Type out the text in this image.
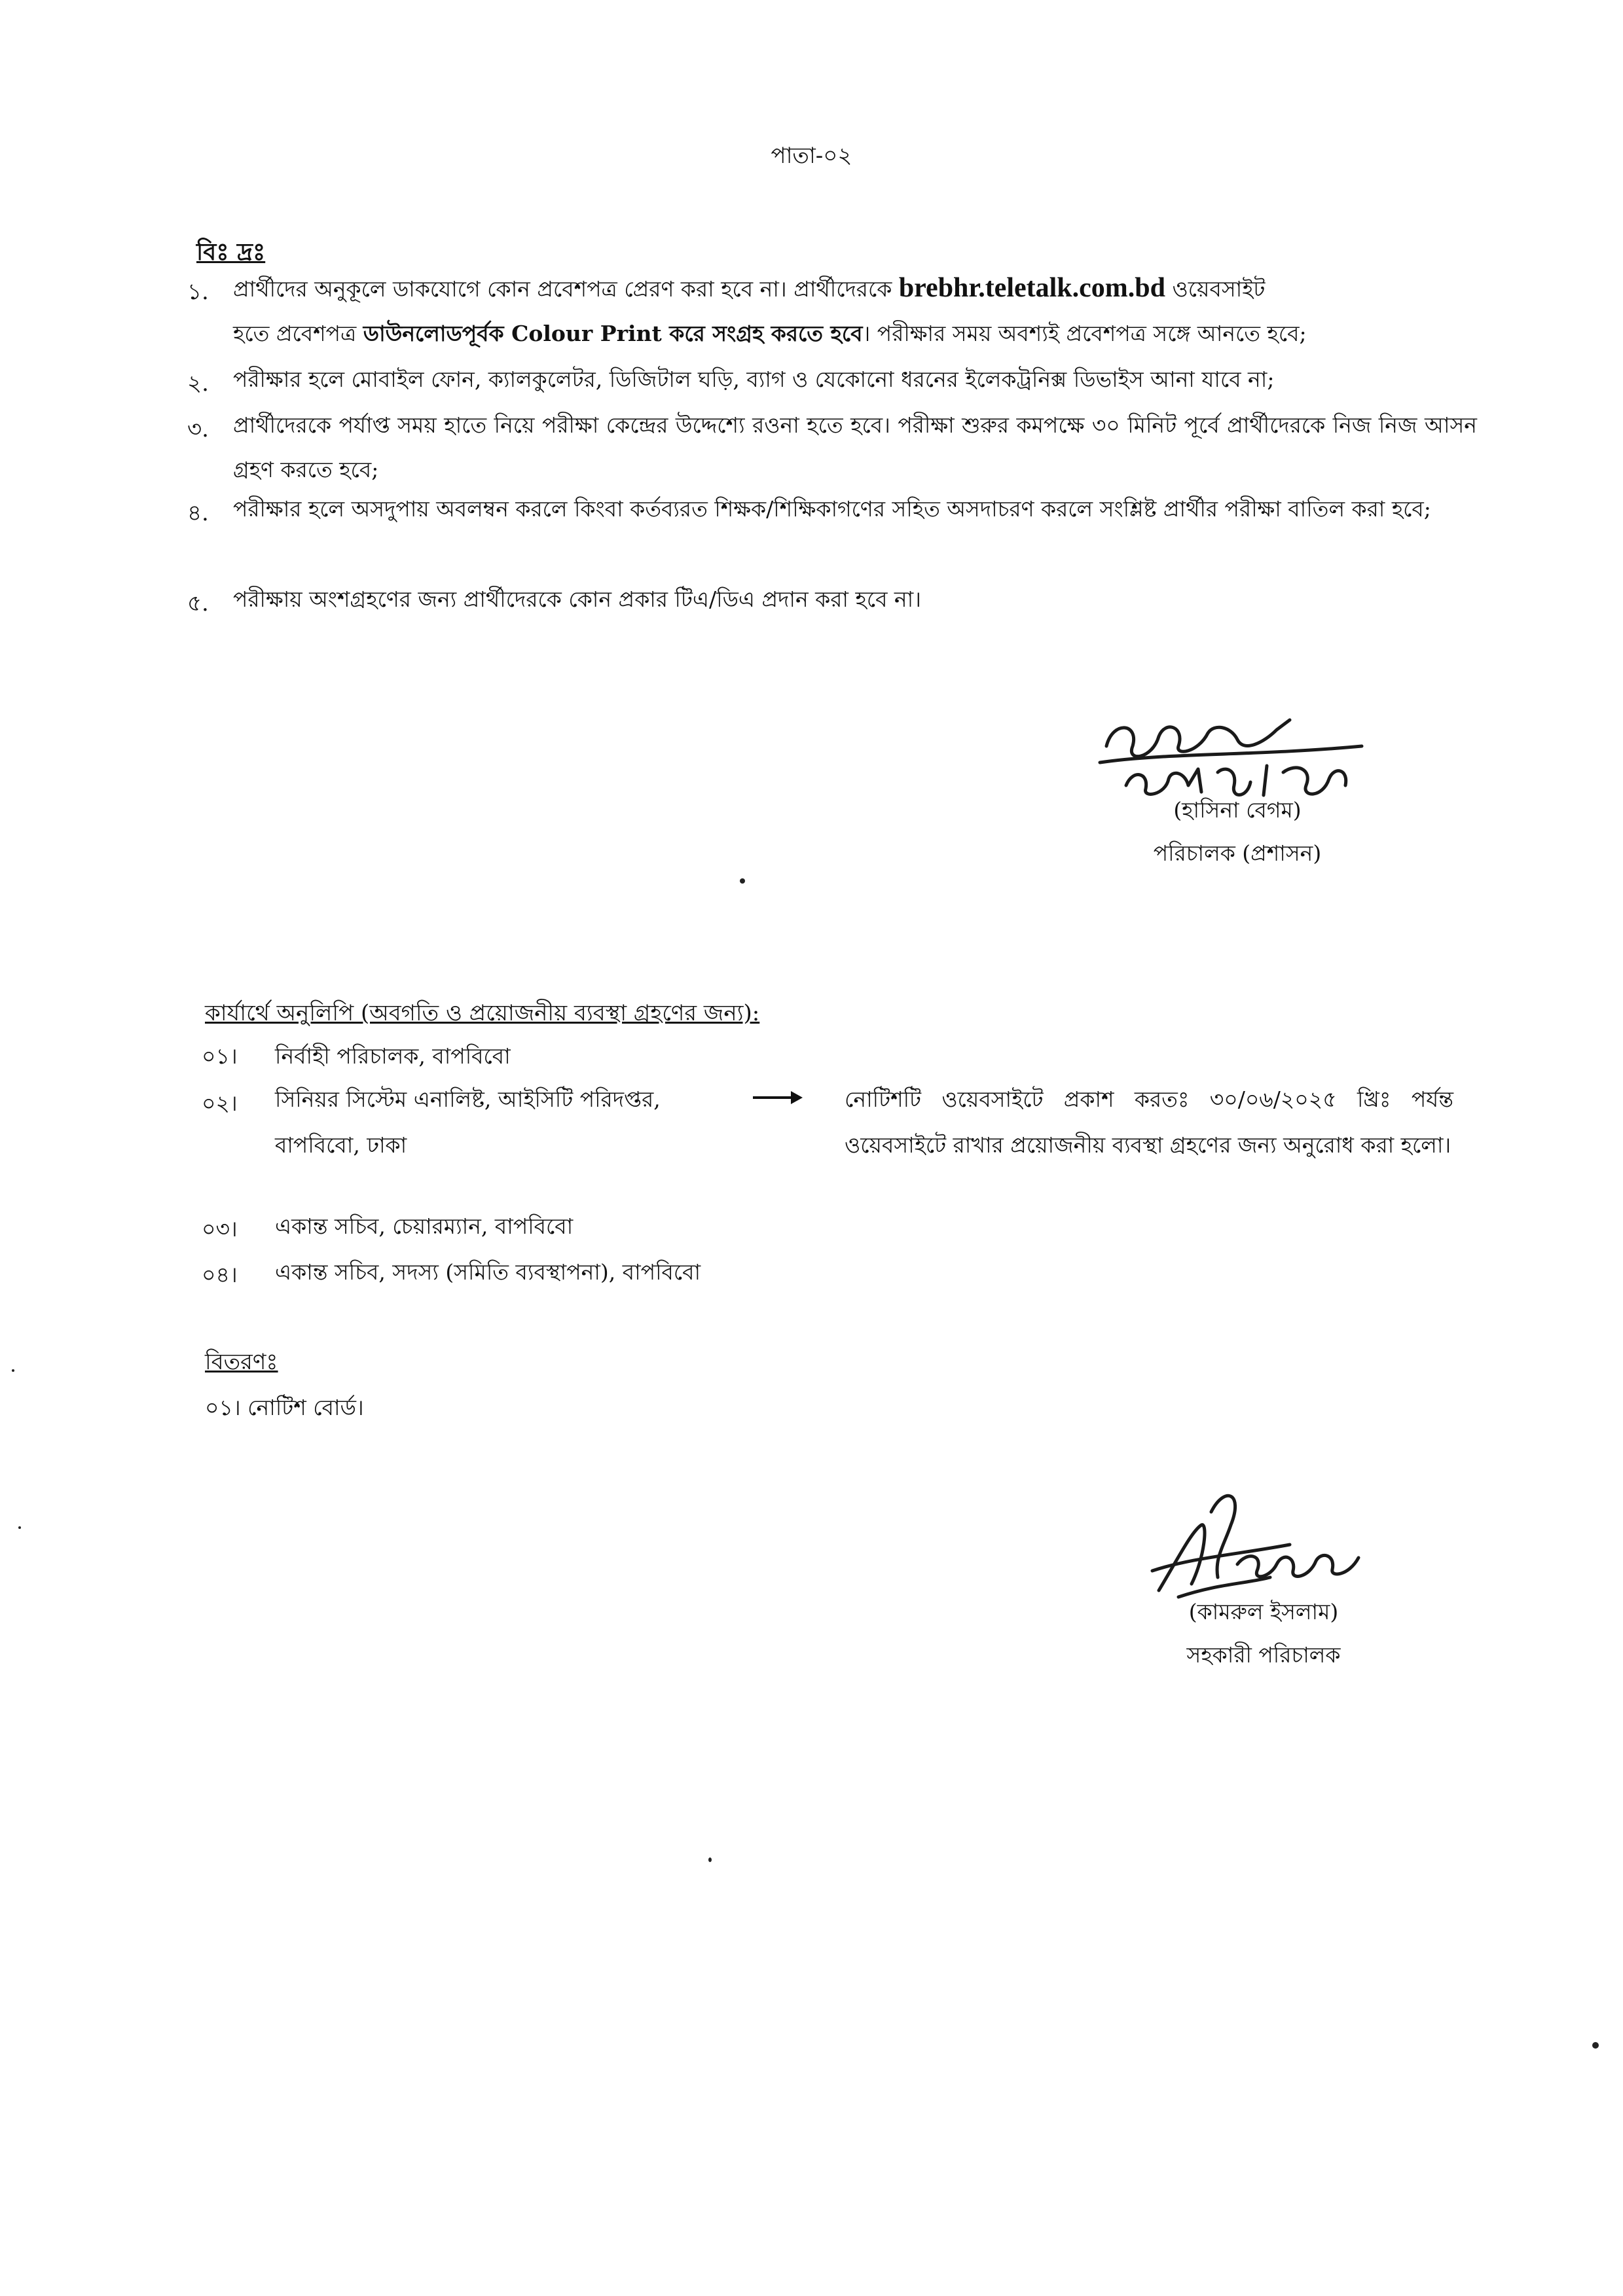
পাতা-০২
বিঃ দ্রঃ
১.	প্রার্থীদের অনুকূলে ডাকযোগে কোন প্রবেশপত্র প্রেরণ করা হবে না। প্রার্থীদেরকে brebhr.teletalk.com.bd ওয়েবসাইট
হতে প্রবেশপত্র ডাউনলোডপূর্বক Colour Print করে সংগ্রহ করতে হবে। পরীক্ষার সময় অবশ্যই প্রবেশপত্র সঙ্গে আনতে হবে;
২.	পরীক্ষার হলে মোবাইল ফোন, ক্যালকুলেটর, ডিজিটাল ঘড়ি, ব্যাগ ও যেকোনো ধরনের ইলেকট্রনিক্স ডিভাইস আনা যাবে না;
৩.	প্রার্থীদেরকে পর্যাপ্ত সময় হাতে নিয়ে পরীক্ষা কেন্দ্রের উদ্দেশ্যে রওনা হতে হবে। পরীক্ষা শুরুর কমপক্ষে ৩০ মিনিট পূর্বে প্রার্থীদেরকে নিজ নিজ আসন গ্রহণ করতে হবে;
৪.	পরীক্ষার হলে অসদুপায় অবলম্বন করলে কিংবা কর্তব্যরত শিক্ষক/শিক্ষিকাগণের সহিত অসদাচরণ করলে সংশ্লিষ্ট প্রার্থীর পরীক্ষা বাতিল করা হবে;
৫.	পরীক্ষায় অংশগ্রহণের জন্য প্রার্থীদেরকে কোন প্রকার টিএ/ডিএ প্রদান করা হবে না।
(হাসিনা বেগম)
পরিচালক (প্রশাসন)
কার্যার্থে অনুলিপি (অবগতি ও প্রয়োজনীয় ব্যবস্থা গ্রহণের জন্য):
০১। নির্বাহী পরিচালক, বাপবিবো
০২। সিনিয়র সিস্টেম এনালিষ্ট, আইসিটি পরিদপ্তর,
বাপবিবো, ঢাকা
নোটিশটি ওয়েবসাইটে প্রকাশ করতঃ ৩০/০৬/২০২৫ খ্রিঃ পর্যন্ত ওয়েবসাইটে রাখার প্রয়োজনীয় ব্যবস্থা গ্রহণের জন্য অনুরোধ করা হলো।
০৩। একান্ত সচিব, চেয়ারম্যান, বাপবিবো
০৪। একান্ত সচিব, সদস্য (সমিতি ব্যবস্থাপনা), বাপবিবো
বিতরণঃ
০১। নোটিশ বোর্ড।
(কামরুল ইসলাম)
সহকারী পরিচালক
